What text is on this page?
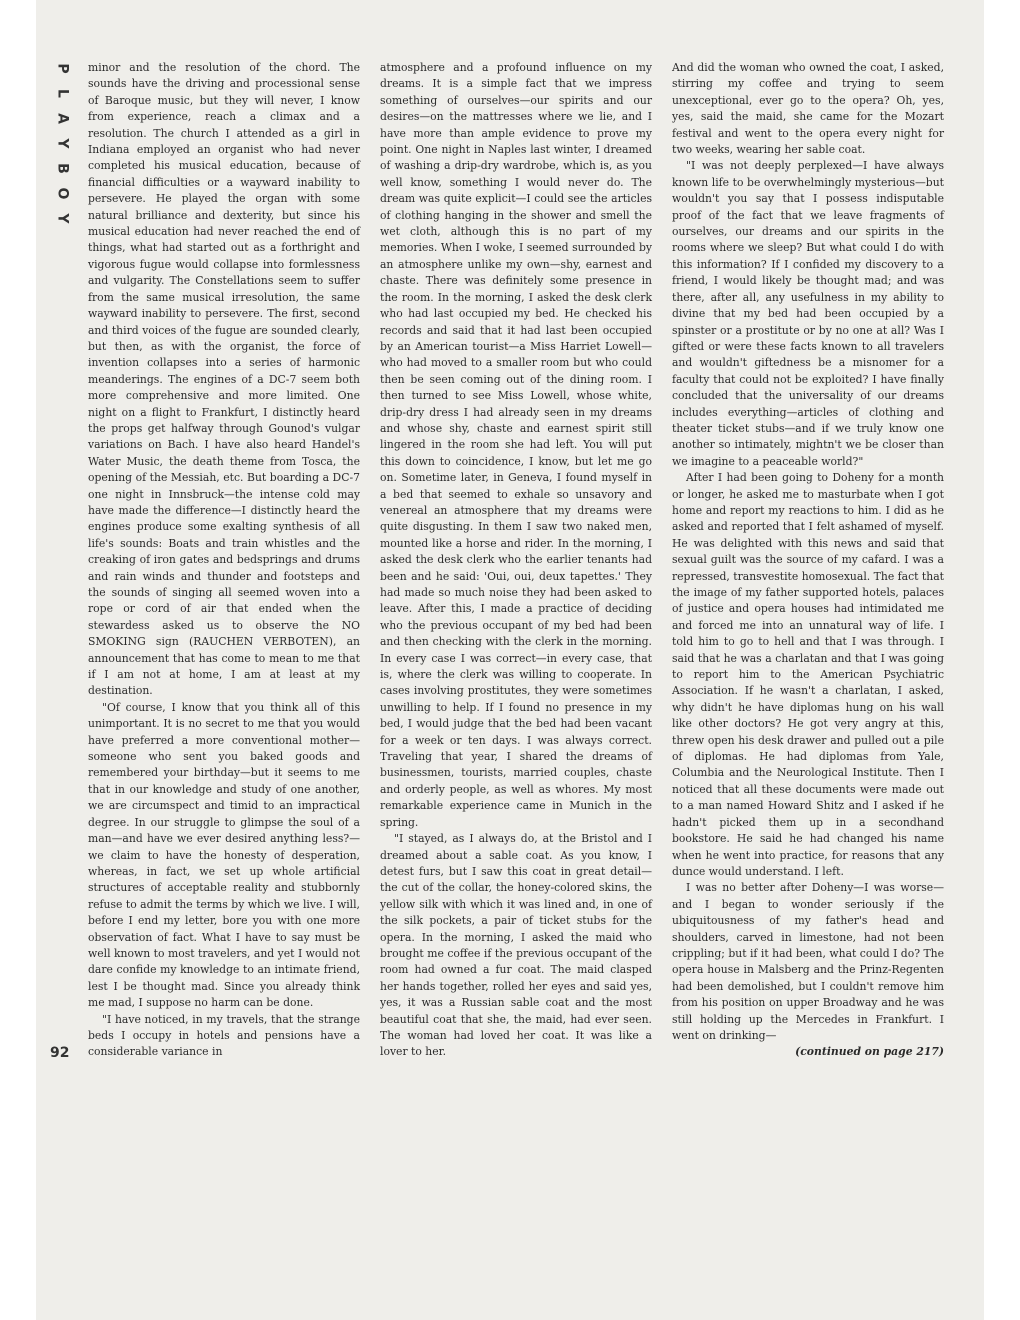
P
L
A
Y
B
O
Y
92

minor and the resolution of the chord. The sounds have the driving and processional sense of Baroque music, but they will never, I know from experience, reach a climax and a resolution. The church I attended as a girl in Indiana employed an organist who had never completed his musical education, because of financial difficulties or a wayward inability to persevere. He played the organ with some natural brilliance and dexterity, but since his musical education had never reached the end of things, what had started out as a forthright and vigorous fugue would collapse into formlessness and vulgarity. The Constellations seem to suffer from the same musical irresolution, the same wayward inability to persevere. The first, second and third voices of the fugue are sounded clearly, but then, as with the organist, the force of invention collapses into a series of harmonic meanderings. The engines of a DC-7 seem both more comprehensive and more limited. One night on a flight to Frankfurt, I distinctly heard the props get halfway through Gounod's vulgar variations on Bach. I have also heard Handel's Water Music, the death theme from Tosca, the opening of the Messiah, etc. But boarding a DC-7 one night in Innsbruck—the intense cold may have made the difference—I distinctly heard the engines produce some exalting synthesis of all life's sounds: Boats and train whistles and the creaking of iron gates and bedsprings and drums and rain winds and thunder and footsteps and the sounds of singing all seemed woven into a rope or cord of air that ended when the stewardess asked us to observe the NO SMOKING sign (RAUCHEN VERBOTEN), an announcement that has come to mean to me that if I am not at home, I am at least at my destination.

"Of course, I know that you think all of this unimportant. It is no secret to me that you would have preferred a more conventional mother—someone who sent you baked goods and remembered your birthday—but it seems to me that in our knowledge and study of one another, we are circumspect and timid to an impractical degree. In our struggle to glimpse the soul of a man—and have we ever desired anything less?—we claim to have the honesty of desperation, whereas, in fact, we set up whole artificial structures of acceptable reality and stubbornly refuse to admit the terms by which we live. I will, before I end my letter, bore you with one more observation of fact. What I have to say must be well known to most travelers, and yet I would not dare confide my knowledge to an intimate friend, lest I be thought mad. Since you already think me mad, I suppose no harm can be done.

"I have noticed, in my travels, that the strange beds I occupy in hotels and pensions have a considerable variance in

atmosphere and a profound influence on my dreams. It is a simple fact that we impress something of ourselves—our spirits and our desires—on the mattresses where we lie, and I have more than ample evidence to prove my point. One night in Naples last winter, I dreamed of washing a drip-dry wardrobe, which is, as you well know, something I would never do. The dream was quite explicit—I could see the articles of clothing hanging in the shower and smell the wet cloth, although this is no part of my memories. When I woke, I seemed surrounded by an atmosphere unlike my own—shy, earnest and chaste. There was definitely some presence in the room. In the morning, I asked the desk clerk who had last occupied my bed. He checked his records and said that it had last been occupied by an American tourist—a Miss Harriet Lowell—who had moved to a smaller room but who could then be seen coming out of the dining room. I then turned to see Miss Lowell, whose white, drip-dry dress I had already seen in my dreams and whose shy, chaste and earnest spirit still lingered in the room she had left. You will put this down to coincidence, I know, but let me go on. Sometime later, in Geneva, I found myself in a bed that seemed to exhale so unsavory and venereal an atmosphere that my dreams were quite disgusting. In them I saw two naked men, mounted like a horse and rider. In the morning, I asked the desk clerk who the earlier tenants had been and he said: 'Oui, oui, deux tapettes.' They had made so much noise they had been asked to leave. After this, I made a practice of deciding who the previous occupant of my bed had been and then checking with the clerk in the morning. In every case I was correct—in every case, that is, where the clerk was willing to cooperate. In cases involving prostitutes, they were sometimes unwilling to help. If I found no presence in my bed, I would judge that the bed had been vacant for a week or ten days. I was always correct. Traveling that year, I shared the dreams of businessmen, tourists, married couples, chaste and orderly people, as well as whores. My most remarkable experience came in Munich in the spring.

"I stayed, as I always do, at the Bristol and I dreamed about a sable coat. As you know, I detest furs, but I saw this coat in great detail—the cut of the collar, the honey-colored skins, the yellow silk with which it was lined and, in one of the silk pockets, a pair of ticket stubs for the opera. In the morning, I asked the maid who brought me coffee if the previous occupant of the room had owned a fur coat. The maid clasped her hands together, rolled her eyes and said yes, yes, it was a Russian sable coat and the most beautiful coat that she, the maid, had ever seen. The woman had loved her coat. It was like a lover to her.

And did the woman who owned the coat, I asked, stirring my coffee and trying to seem unexceptional, ever go to the opera? Oh, yes, yes, said the maid, she came for the Mozart festival and went to the opera every night for two weeks, wearing her sable coat.

"I was not deeply perplexed—I have always known life to be overwhelmingly mysterious—but wouldn't you say that I possess indisputable proof of the fact that we leave fragments of ourselves, our dreams and our spirits in the rooms where we sleep? But what could I do with this information? If I confided my discovery to a friend, I would likely be thought mad; and was there, after all, any usefulness in my ability to divine that my bed had been occupied by a spinster or a prostitute or by no one at all? Was I gifted or were these facts known to all travelers and wouldn't giftedness be a misnomer for a faculty that could not be exploited? I have finally concluded that the universality of our dreams includes everything—articles of clothing and theater ticket stubs—and if we truly know one another so intimately, mightn't we be closer than we imagine to a peaceable world?"

After I had been going to Doheny for a month or longer, he asked me to masturbate when I got home and report my reactions to him. I did as he asked and reported that I felt ashamed of myself. He was delighted with this news and said that sexual guilt was the source of my cafard. I was a repressed, transvestite homosexual. The fact that the image of my father supported hotels, palaces of justice and opera houses had intimidated me and forced me into an unnatural way of life. I told him to go to hell and that I was through. I said that he was a charlatan and that I was going to report him to the American Psychiatric Association. If he wasn't a charlatan, I asked, why didn't he have diplomas hung on his wall like other doctors? He got very angry at this, threw open his desk drawer and pulled out a pile of diplomas. He had diplomas from Yale, Columbia and the Neurological Institute. Then I noticed that all these documents were made out to a man named Howard Shitz and I asked if he hadn't picked them up in a secondhand bookstore. He said he had changed his name when he went into practice, for reasons that any dunce would understand. I left.

I was no better after Doheny—I was worse—and I began to wonder seriously if the ubiquitousness of my father's head and shoulders, carved in limestone, had not been crippling; but if it had been, what could I do? The opera house in Malsberg and the Prinz-Regenten had been demolished, but I couldn't remove him from his position on upper Broadway and he was still holding up the Mercedes in Frankfurt. I went on drinking—

(continued on page 217)
